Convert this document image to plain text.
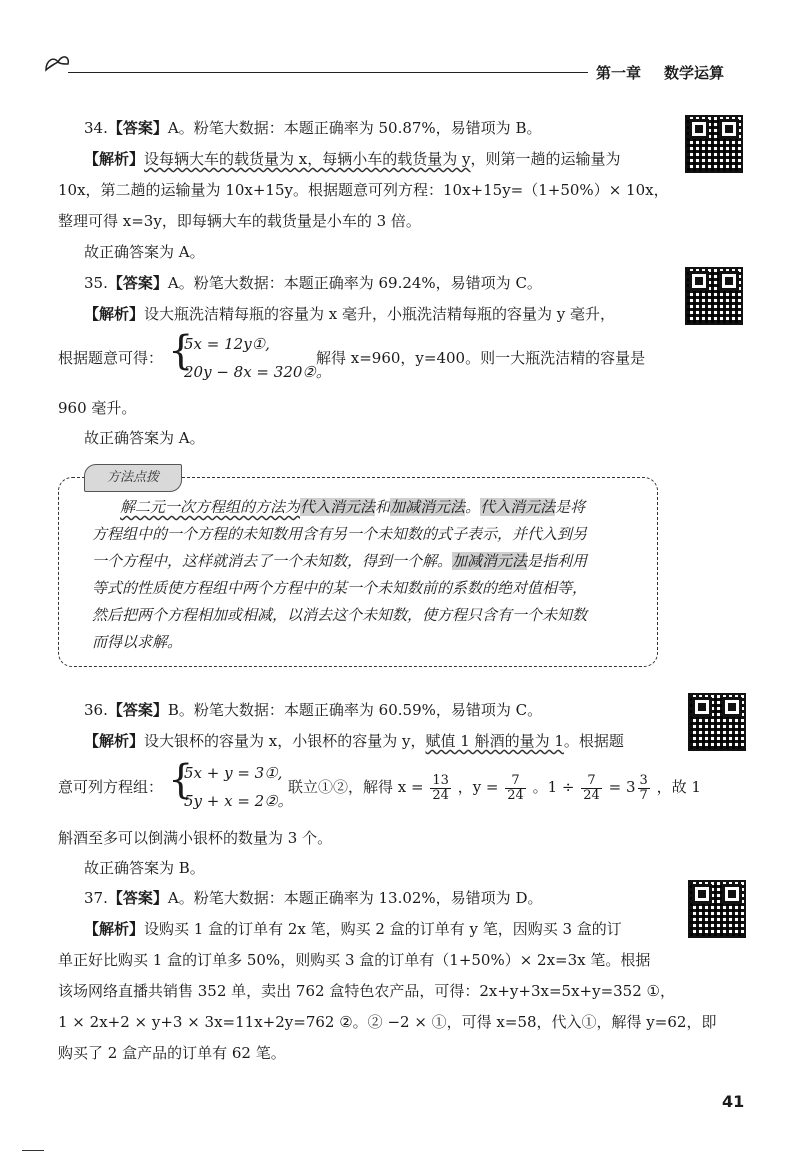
第一章 数学运算
34.【答案】A。粉笔大数据：本题正确率为 50.87%，易错项为 B。
【解析】设每辆大车的载货量为 x，每辆小车的载货量为 y，则第一趟的运输量为
10x，第二趟的运输量为 10x+15y。根据题意可列方程：10x+15y=（1+50%）× 10x，
整理可得 x=3y，即每辆大车的载货量是小车的 3 倍。
故正确答案为 A。
35.【答案】A。粉笔大数据：本题正确率为 69.24%，易错项为 C。
【解析】设大瓶洗洁精每瓶的容量为 x 毫升，小瓶洗洁精每瓶的容量为 y 毫升，
根据题意可得： {
5x = 12y①,
20y − 8x = 320②。
解得 x=960，y=400。则一大瓶洗洁精的容量是
960 毫升。
故正确答案为 A。
方法点拨
解二元一次方程组的方法为代入消元法和加减消元法。代入消元法是将
方程组中的一个方程的未知数用含有另一个未知数的式子表示，并代入到另
一个方程中，这样就消去了一个未知数，得到一个解。加减消元法是指利用
等式的性质使方程组中两个方程中的某一个未知数前的系数的绝对值相等，
然后把两个方程相加或相减，以消去这个未知数，使方程只含有一个未知数
而得以求解。
36.【答案】B。粉笔大数据：本题正确率为 60.59%，易错项为 C。
【解析】设大银杯的容量为 x，小银杯的容量为 y，赋值 1 斛酒的量为 1。根据题
意可列方程组： {
5x + y = 3①,
5y + x = 2②。
联立①②，解得 $x = \frac{13}{24}$ ，$y = \frac{7}{24}$ 。$1 \div \frac{7}{24} = 3 \frac{3}{7}$ ，故 1
斛酒至多可以倒满小银杯的数量为 3 个。
故正确答案为 B。
37.【答案】A。粉笔大数据：本题正确率为 13.02%，易错项为 D。
【解析】设购买 1 盒的订单有 2x 笔，购买 2 盒的订单有 y 笔，因购买 3 盒的订
单正好比购买 1 盒的订单多 50%，则购买 3 盒的订单有（1+50%）× 2x=3x 笔。根据
该场网络直播共销售 352 单，卖出 762 盒特色农产品，可得：2x+y+3x=5x+y=352 ①，
1 × 2x+2 × y+3 × 3x=11x+2y=762 ②。② −2 × ①，可得 x=58，代入①，解得 y=62，即
购买了 2 盒产品的订单有 62 笔。
41
